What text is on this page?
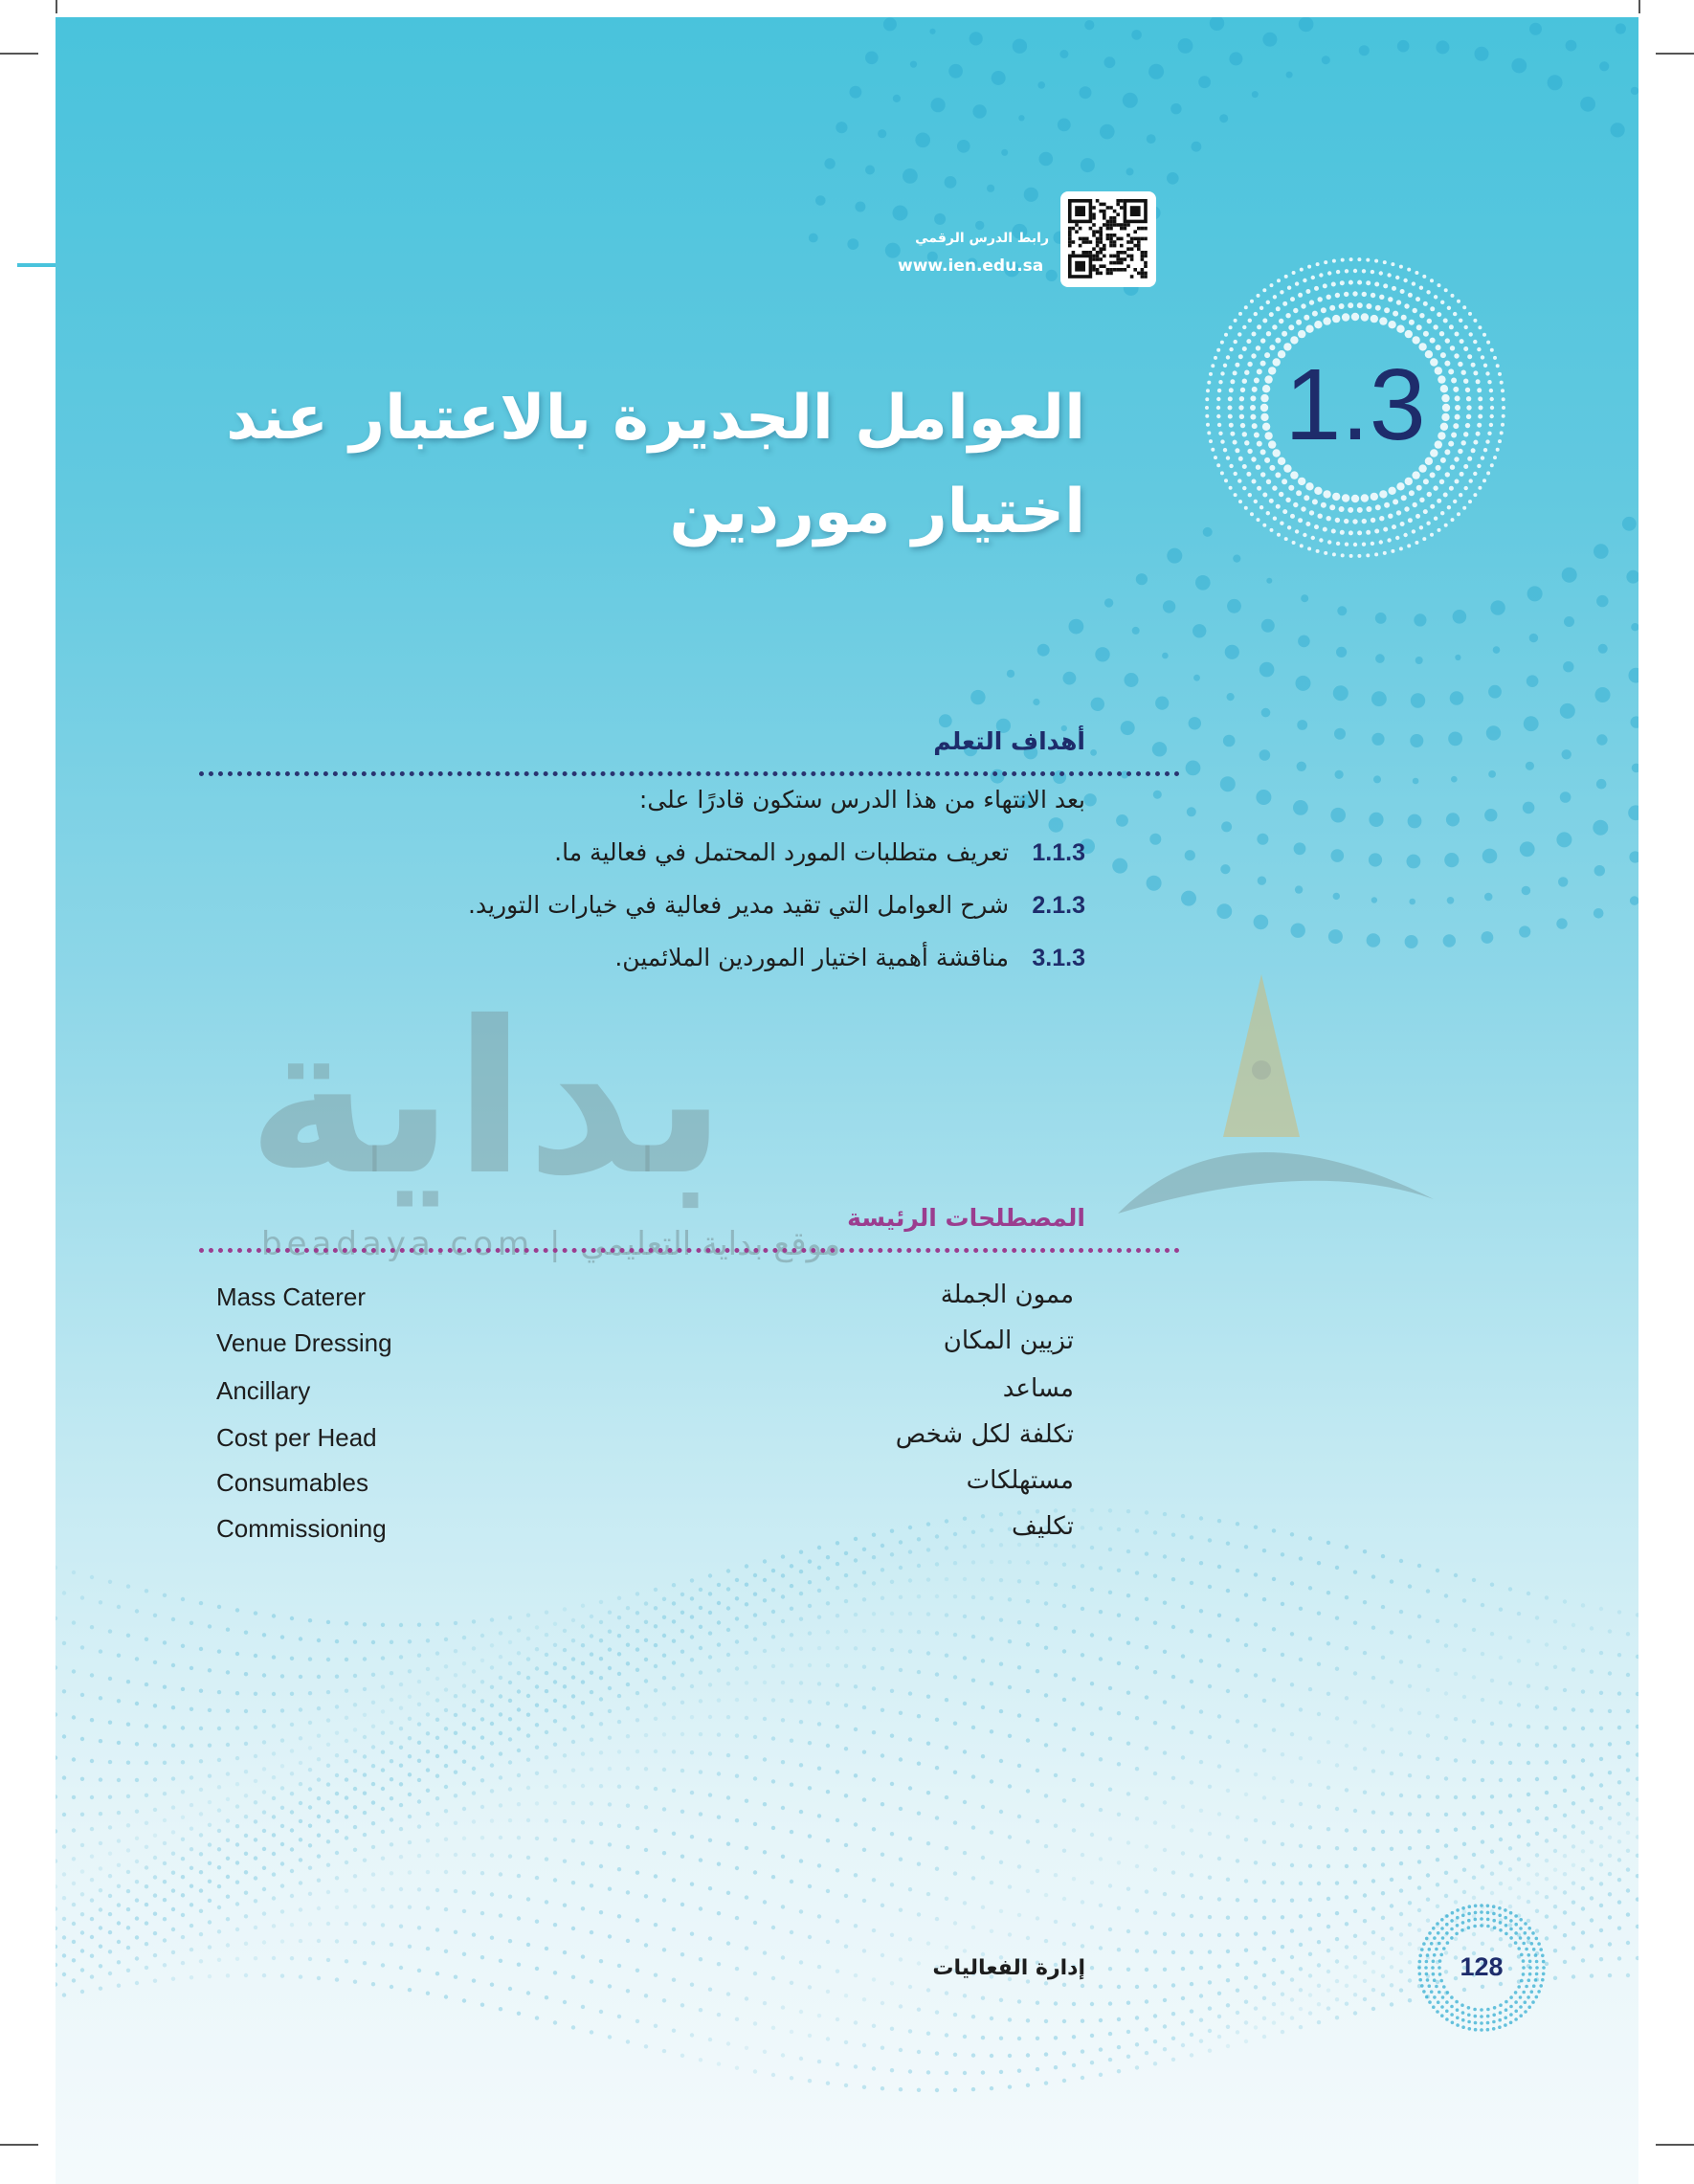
رابط الدرس الرقمي
www.ien.edu.sa
1.3
العوامل الجديرة بالاعتبار عند
اختيار موردين
بداية
beadaya.com | موقع بداية التعليمي
أهداف التعلم
بعد الانتهاء من هذا الدرس ستكون قادرًا على:
1.1.3 تعريف متطلبات المورد المحتمل في فعالية ما.
2.1.3 شرح العوامل التي تقيد مدير فعالية في خيارات التوريد.
3.1.3 مناقشة أهمية اختيار الموردين الملائمين.
المصطلحات الرئيسة
ممون الجملة
Mass Caterer
تزيين المكان
Venue Dressing
مساعد
Ancillary
تكلفة لكل شخص
Cost per Head
مستهلكات
Consumables
تكليف
Commissioning
128
إدارة الفعاليات
